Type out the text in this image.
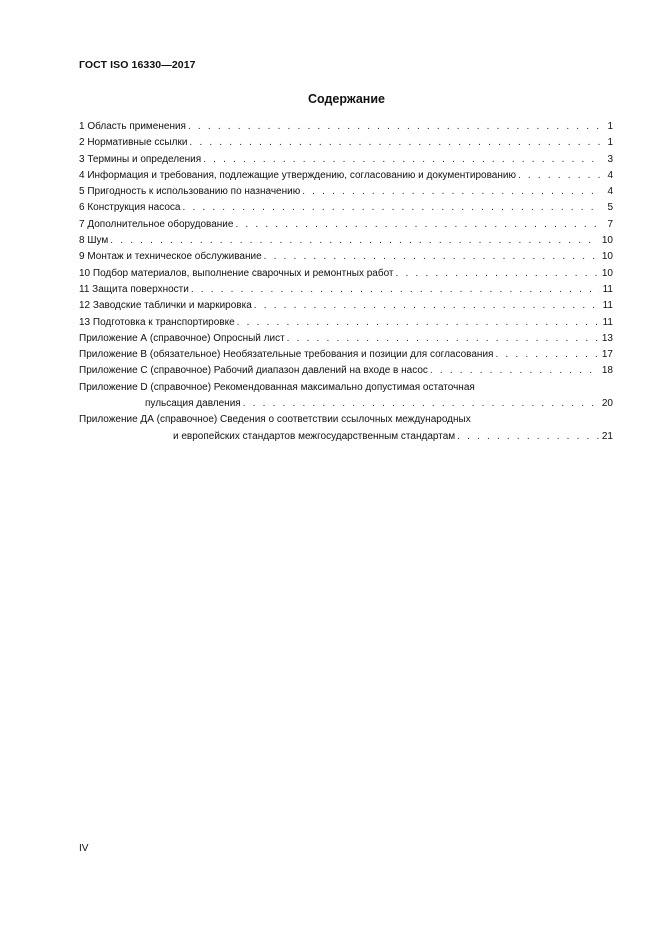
ГОСТ ISO 16330—2017
Содержание
1 Область применения . . .	1
2 Нормативные ссылки . . .	1
3 Термины и определения . . .	3
4 Информация и требования, подлежащие утверждению, согласованию и документированию . . .	4
5 Пригодность к использованию по назначению . . .	4
6 Конструкция насоса . . .	5
7 Дополнительное оборудование . . .	7
8 Шум . . .	10
9 Монтаж и техническое обслуживание . . .	10
10 Подбор материалов, выполнение сварочных и ремонтных работ . . .	10
11 Защита поверхности . . .	11
12 Заводские таблички и маркировка . . .	11
13 Подготовка к транспортировке . . .	11
Приложение А (справочное) Опросный лист . . .	13
Приложение В (обязательное) Необязательные требования и позиции для согласования . . .	17
Приложение С (справочное) Рабочий диапазон давлений на входе в насос . . .	18
Приложение D (справочное) Рекомендованная максимально допустимая остаточная
пульсация давления . . .	20
Приложение ДА (справочное) Сведения о соответствии ссылочных международных
и европейских стандартов межгосударственным стандартам . . .	21
IV
